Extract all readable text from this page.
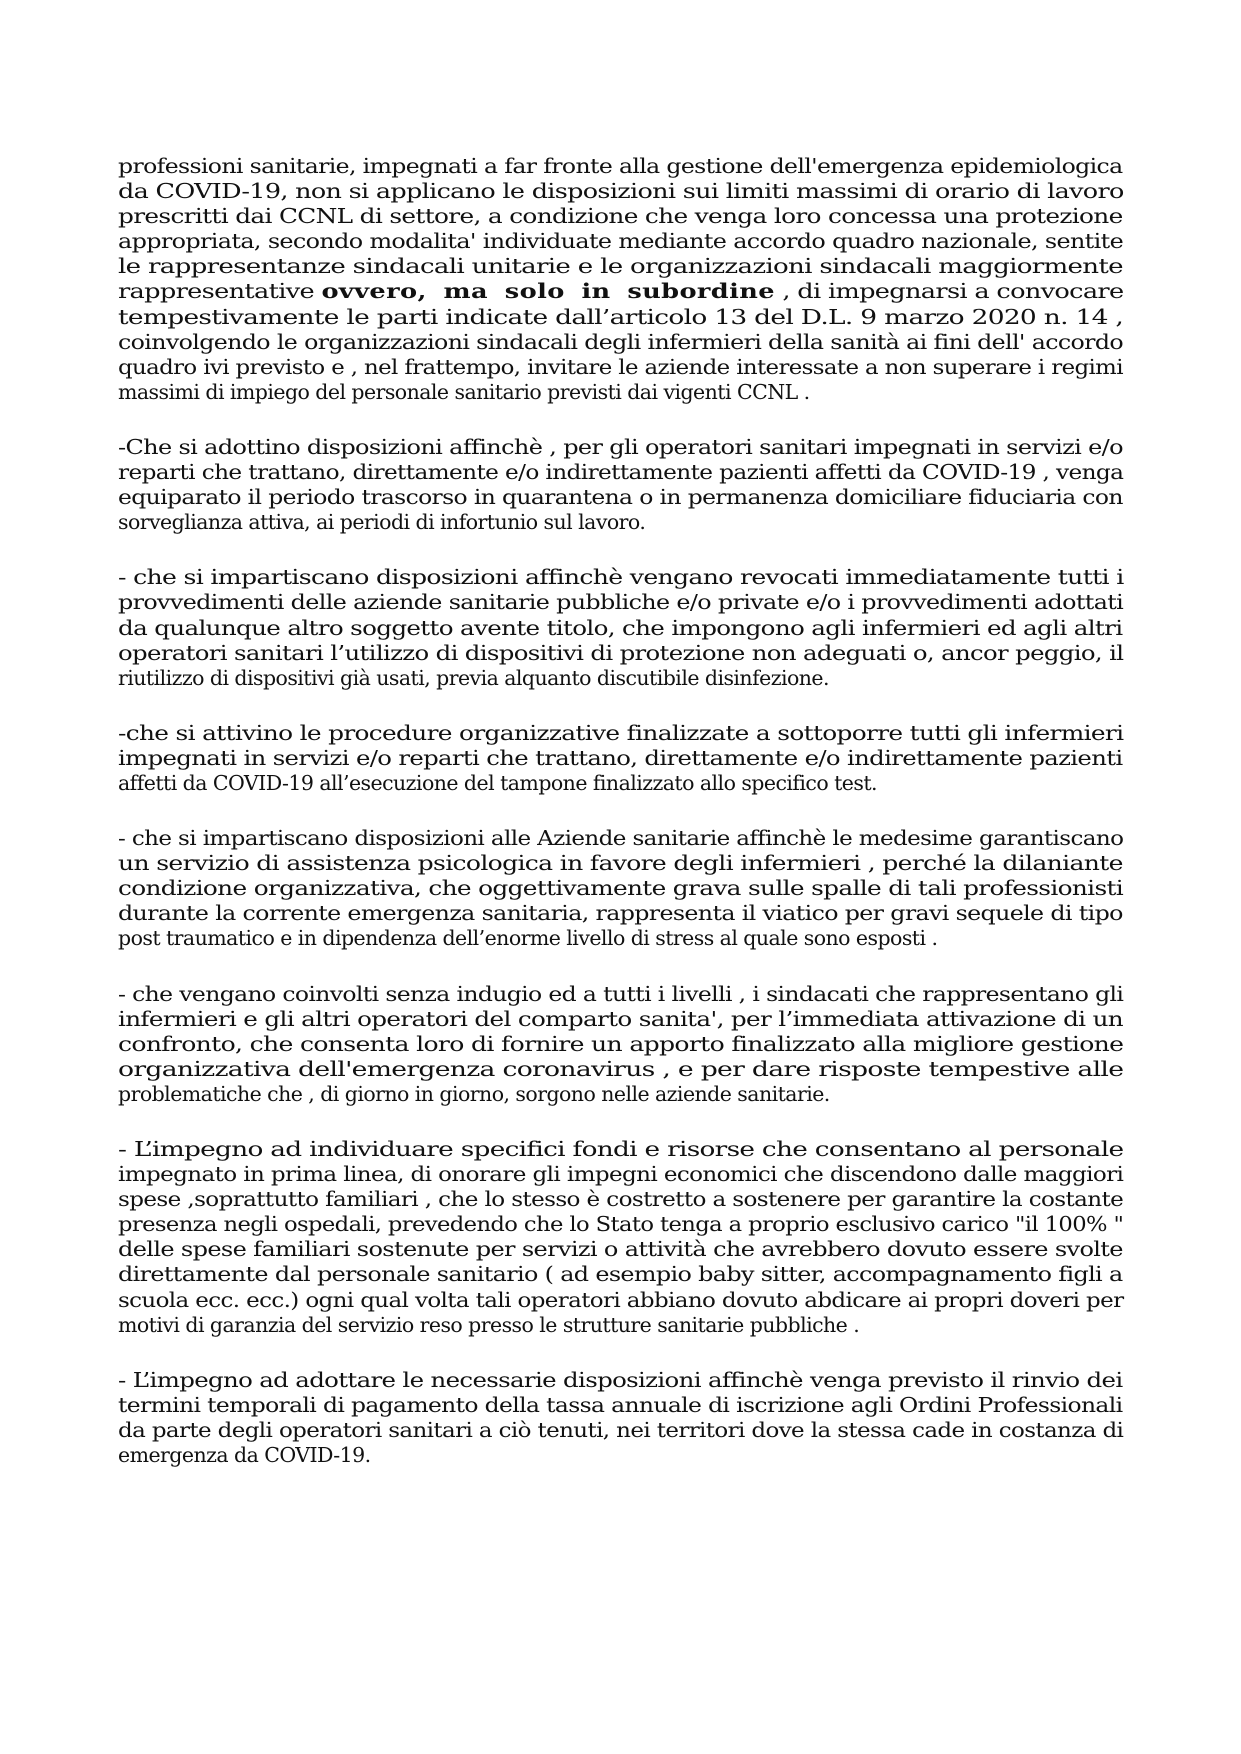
professioni sanitarie, impegnati a far fronte alla gestione dell'emergenza epidemiologica
da COVID-19, non si applicano le disposizioni sui limiti massimi di orario di lavoro
prescritti dai CCNL di settore, a condizione che venga loro concessa una protezione
appropriata, secondo modalita' individuate mediante accordo quadro nazionale, sentite
le rappresentanze sindacali unitarie e le organizzazioni sindacali maggiormente
rappresentative ovvero, ma solo in subordine , di impegnarsi a convocare
tempestivamente le parti indicate dall’articolo 13 del D.L. 9 marzo 2020 n. 14 ,
coinvolgendo le organizzazioni sindacali degli infermieri della sanità ai fini dell' accordo
quadro ivi previsto e , nel frattempo, invitare le aziende interessate a non superare i regimi
massimi di impiego del personale sanitario previsti dai vigenti CCNL .
-Che si adottino disposizioni affinchè , per gli operatori sanitari impegnati in servizi e/o
reparti che trattano, direttamente e/o indirettamente pazienti affetti da COVID-19 , venga
equiparato il periodo trascorso in quarantena o in permanenza domiciliare fiduciaria con
sorveglianza attiva, ai periodi di infortunio sul lavoro.
- che si impartiscano disposizioni affinchè vengano revocati immediatamente tutti i
provvedimenti delle aziende sanitarie pubbliche e/o private e/o i provvedimenti adottati
da qualunque altro soggetto avente titolo, che impongono agli infermieri ed agli altri
operatori sanitari l’utilizzo di dispositivi di protezione non adeguati o, ancor peggio, il
riutilizzo di dispositivi già usati, previa alquanto discutibile disinfezione.
-che si attivino le procedure organizzative finalizzate a sottoporre tutti gli infermieri
impegnati in servizi e/o reparti che trattano, direttamente e/o indirettamente pazienti
affetti da COVID-19 all’esecuzione del tampone finalizzato allo specifico test.
- che si impartiscano disposizioni alle Aziende sanitarie affinchè le medesime garantiscano
un servizio di assistenza psicologica in favore degli infermieri , perché la dilaniante
condizione organizzativa, che oggettivamente grava sulle spalle di tali professionisti
durante la corrente emergenza sanitaria, rappresenta il viatico per gravi sequele di tipo
post traumatico e in dipendenza dell’enorme livello di stress al quale sono esposti .
- che vengano coinvolti senza indugio ed a tutti i livelli , i sindacati che rappresentano gli
infermieri e gli altri operatori del comparto sanita', per l’immediata attivazione di un
confronto, che consenta loro di fornire un apporto finalizzato alla migliore gestione
organizzativa dell'emergenza coronavirus , e per dare risposte tempestive alle
problematiche che , di giorno in giorno, sorgono nelle aziende sanitarie.
- L’impegno ad individuare specifici fondi e risorse che consentano al personale
impegnato in prima linea, di onorare gli impegni economici che discendono dalle maggiori
spese ,soprattutto familiari , che lo stesso è costretto a sostenere per garantire la costante
presenza negli ospedali, prevedendo che lo Stato tenga a proprio esclusivo carico "il 100% "
delle spese familiari sostenute per servizi o attività che avrebbero dovuto essere svolte
direttamente dal personale sanitario ( ad esempio baby sitter, accompagnamento figli a
scuola ecc. ecc.) ogni qual volta tali operatori abbiano dovuto abdicare ai propri doveri per
motivi di garanzia del servizio reso presso le strutture sanitarie pubbliche .
- L’impegno ad adottare le necessarie disposizioni affinchè venga previsto il rinvio dei
termini temporali di pagamento della tassa annuale di iscrizione agli Ordini Professionali
da parte degli operatori sanitari a ciò tenuti, nei territori dove la stessa cade in costanza di
emergenza da COVID-19.
